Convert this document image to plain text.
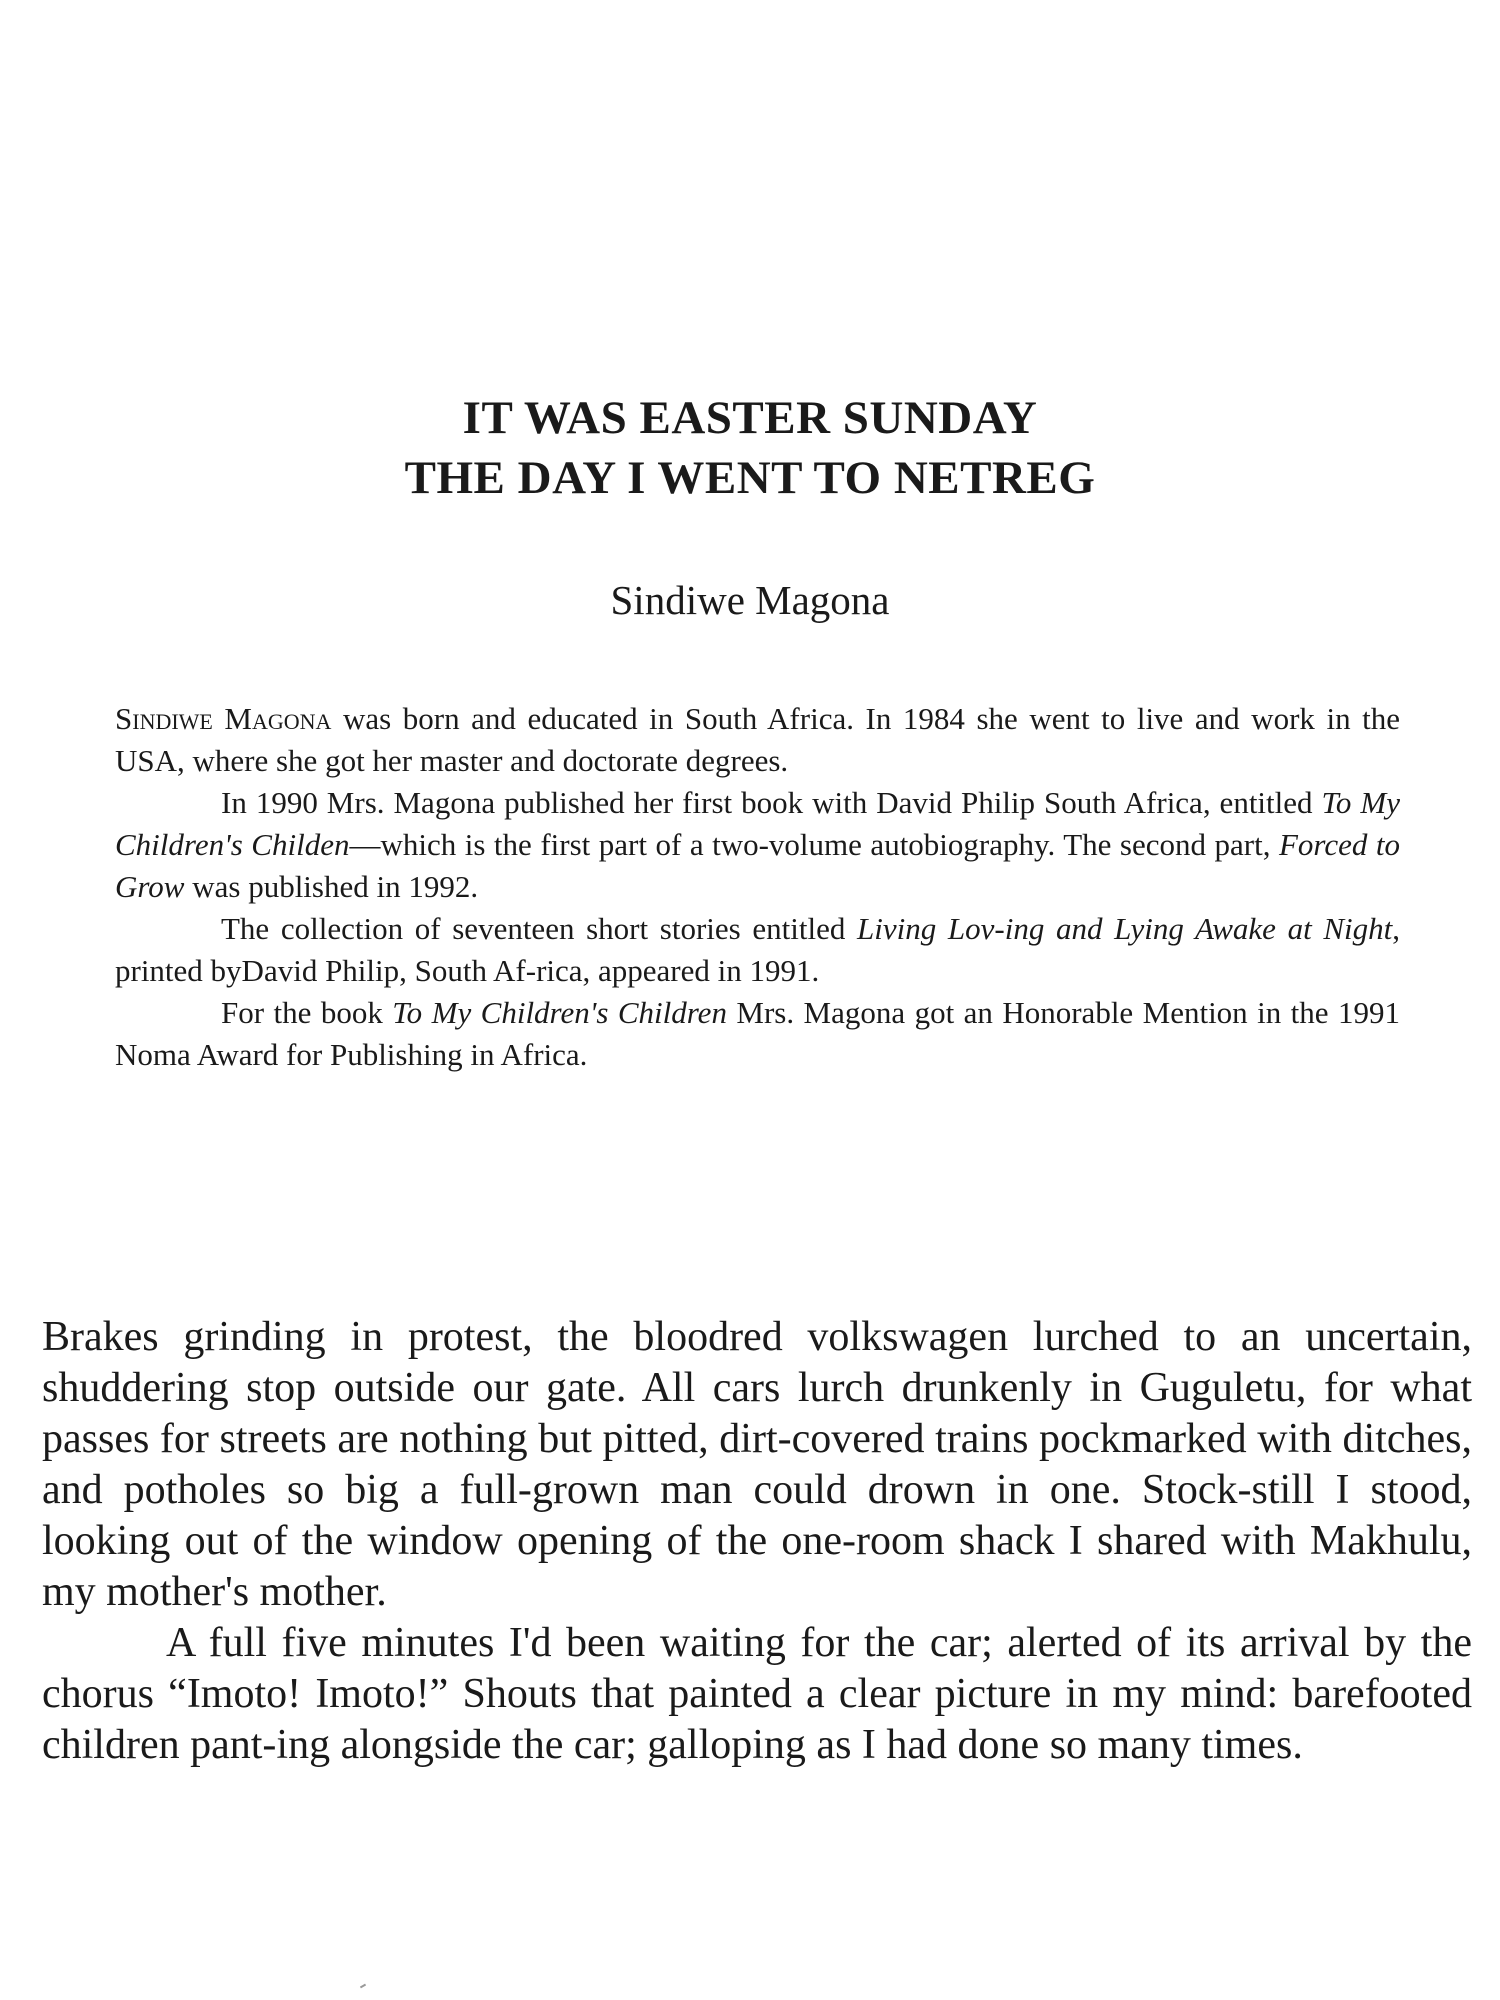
IT WAS EASTER SUNDAY
THE DAY I WENT TO NETREG
Sindiwe Magona

Sindiwe Magona was born and educated in South Africa. In 1984 she went to live and work in the USA, where she got her master and doctorate degrees.

In 1990 Mrs. Magona published her first book with David Philip South Africa, entitled To My Children's Childen—which is the first part of a two-volume autobiography. The second part, Forced to Grow was published in 1992.

The collection of seventeen short stories entitled Living Lov-ing and Lying Awake at Night, printed byDavid Philip, South Af-rica, appeared in 1991.

For the book To My Children's Children Mrs. Magona got an Honorable Mention in the 1991 Noma Award for Publishing in Africa.

Brakes grinding in protest, the bloodred volkswagen lurched to an uncertain, shuddering stop outside our gate. All cars lurch drunkenly in Guguletu, for what passes for streets are nothing but pitted, dirt-covered trains pockmarked with ditches, and potholes so big a full-grown man could drown in one. Stock-still I stood, looking out of the window opening of the one-room shack I shared with Makhulu, my mother's mother.

A full five minutes I'd been waiting for the car; alerted of its arrival by the chorus “Imoto! Imoto!” Shouts that painted a clear picture in my mind: barefooted children pant-ing alongside the car; galloping as I had done so many times.
